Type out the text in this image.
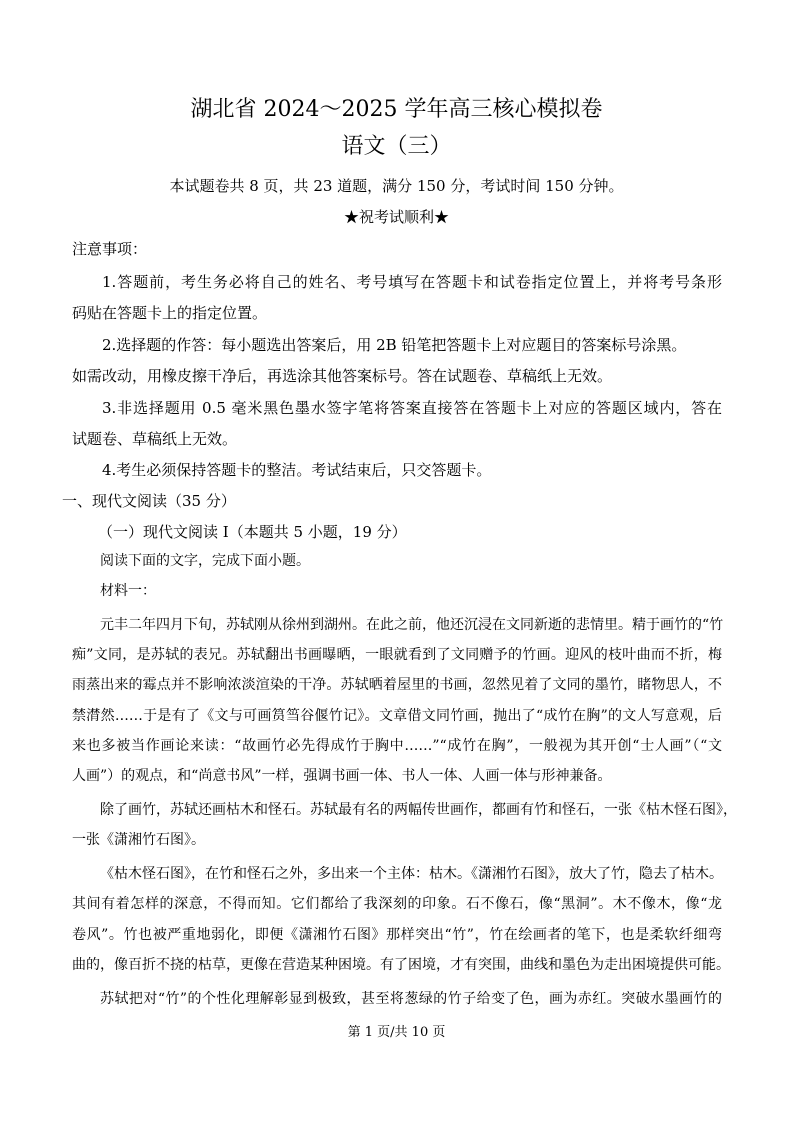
湖北省 2024～2025 学年高三核心模拟卷
语文（三）
本试题卷共 8 页，共 23 道题，满分 150 分，考试时间 150 分钟。
★祝考试顺利★
注意事项：
1.答题前，考生务必将自己的姓名、考号填写在答题卡和试卷指定位置上，并将考号条形
码贴在答题卡上的指定位置。
2.选择题的作答：每小题选出答案后，用 2B 铅笔把答题卡上对应题目的答案标号涂黑。
如需改动，用橡皮擦干净后，再选涂其他答案标号。答在试题卷、草稿纸上无效。
3.非选择题用 0.5 毫米黑色墨水签字笔将答案直接答在答题卡上对应的答题区域内，答在
试题卷、草稿纸上无效。
4.考生必须保持答题卡的整洁。考试结束后，只交答题卡。
一、现代文阅读（35 分）
（一）现代文阅读 I（本题共 5 小题，19 分）
阅读下面的文字，完成下面小题。
材料一：
元丰二年四月下旬，苏轼刚从徐州到湖州。在此之前，他还沉浸在文同新逝的悲情里。精于画竹的“竹
痴”文同，是苏轼的表兄。苏轼翻出书画曝晒，一眼就看到了文同赠予的竹画。迎风的枝叶曲而不折，梅
雨蒸出来的霉点并不影响浓淡渲染的干净。苏轼晒着屋里的书画，忽然见着了文同的墨竹，睹物思人，不
禁潸然……于是有了《文与可画筼筜谷偃竹记》。文章借文同竹画，抛出了“成竹在胸”的文人写意观，后
来也多被当作画论来读：“故画竹必先得成竹于胸中……”“成竹在胸”，一般视为其开创“士人画”（“文
人画”）的观点，和“尚意书风”一样，强调书画一体、书人一体、人画一体与形神兼备。
除了画竹，苏轼还画枯木和怪石。苏轼最有名的两幅传世画作，都画有竹和怪石，一张《枯木怪石图》，
一张《潇湘竹石图》。
《枯木怪石图》，在竹和怪石之外，多出来一个主体：枯木。《潇湘竹石图》，放大了竹，隐去了枯木。
其间有着怎样的深意，不得而知。它们都给了我深刻的印象。石不像石，像“黑洞”。木不像木，像“龙
卷风”。竹也被严重地弱化，即便《潇湘竹石图》那样突出“竹”，竹在绘画者的笔下，也是柔软纤细弯
曲的，像百折不挠的枯草，更像在营造某种困境。有了困境，才有突围，曲线和墨色为走出困境提供可能。
苏轼把对“竹”的个性化理解彰显到极致，甚至将葱绿的竹子给变了色，画为赤红。突破水墨画竹的
第 1 页/共 10 页
